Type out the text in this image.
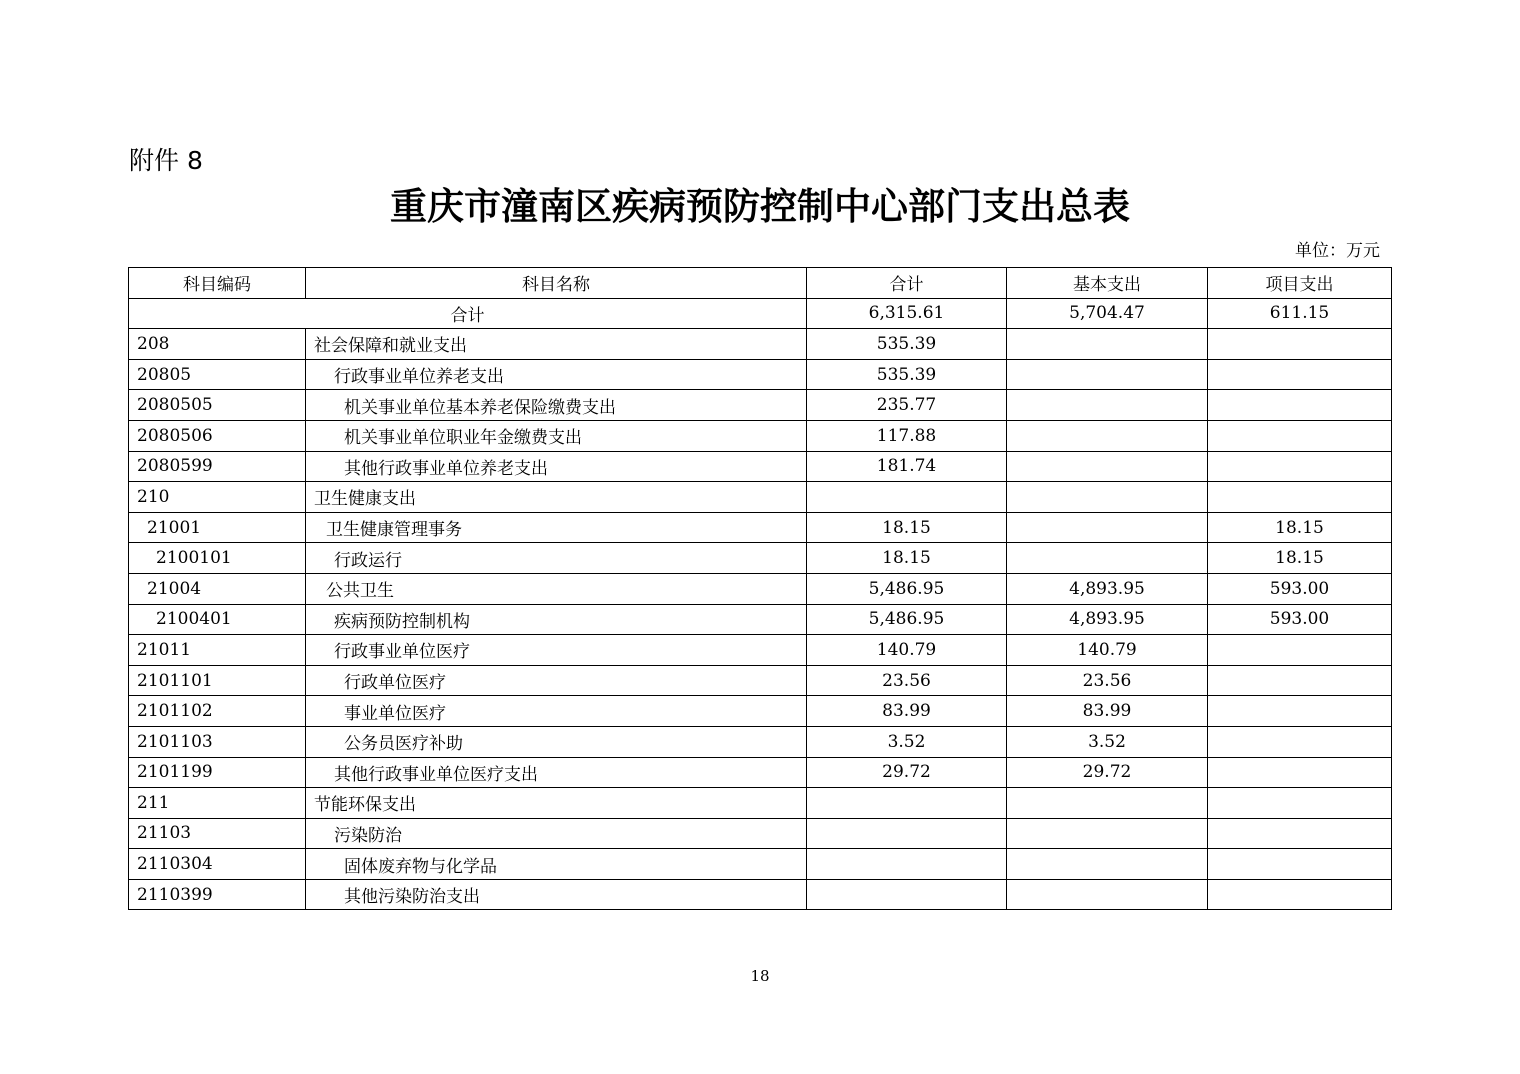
附件 8
重庆市潼南区疾病预防控制中心部门支出总表
单位：万元
科目编码	科目名称	合计	基本支出	项目支出
合计		6,315.61	5,704.47	611.15
208	社会保障和就业支出	535.39		
20805	行政事业单位养老支出	535.39		
2080505	机关事业单位基本养老保险缴费支出	235.77		
2080506	机关事业单位职业年金缴费支出	117.88		
2080599	其他行政事业单位养老支出	181.74		
210	卫生健康支出			
21001	卫生健康管理事务	18.15		18.15
2100101	行政运行	18.15		18.15
21004	公共卫生	5,486.95	4,893.95	593.00
2100401	疾病预防控制机构	5,486.95	4,893.95	593.00
21011	行政事业单位医疗	140.79	140.79	
2101101	行政单位医疗	23.56	23.56	
2101102	事业单位医疗	83.99	83.99	
2101103	公务员医疗补助	3.52	3.52	
2101199	其他行政事业单位医疗支出	29.72	29.72	
211	节能环保支出			
21103	污染防治			
2110304	固体废弃物与化学品			
2110399	其他污染防治支出			
18
